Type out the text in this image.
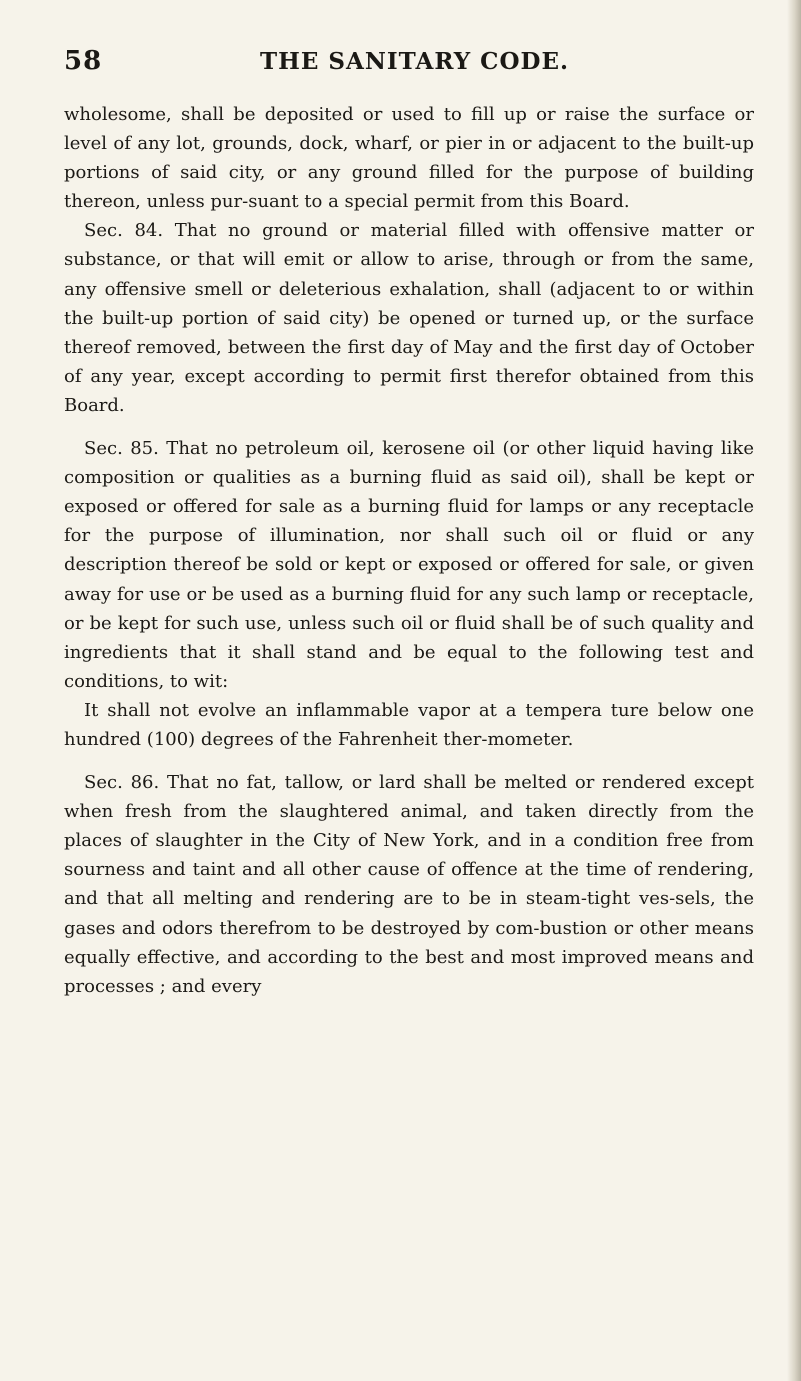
58	THE SANITARY CODE.

wholesome, shall be deposited or used to fill up or raise the surface or level of any lot, grounds, dock, wharf, or pier in or adjacent to the built-up portions of said city, or any ground filled for the purpose of building thereon, unless pur-suant to a special permit from this Board.

Sec. 84. That no ground or material filled with offensive matter or substance, or that will emit or allow to arise, through or from the same, any offensive smell or deleterious exhalation, shall (adjacent to or within the built-up portion of said city) be opened or turned up, or the surface thereof removed, between the first day of May and the first day of October of any year, except according to permit first therefor obtained from this Board.

Sec. 85. That no petroleum oil, kerosene oil (or other liquid having like composition or qualities as a burning fluid as said oil), shall be kept or exposed or offered for sale as a burning fluid for lamps or any receptacle for the purpose of illumination, nor shall such oil or fluid or any description thereof be sold or kept or exposed or offered for sale, or given away for use or be used as a burning fluid for any such lamp or receptacle, or be kept for such use, unless such oil or fluid shall be of such quality and ingredients that it shall stand and be equal to the following test and conditions, to wit:

It shall not evolve an inflammable vapor at a tempera ture below one hundred (100) degrees of the Fahrenheit ther-mometer.

Sec. 86. That no fat, tallow, or lard shall be melted or rendered except when fresh from the slaughtered animal, and taken directly from the places of slaughter in the City of New York, and in a condition free from sourness and taint and all other cause of offence at the time of rendering, and that all melting and rendering are to be in steam-tight ves-sels, the gases and odors therefrom to be destroyed by com-bustion or other means equally effective, and according to the best and most improved means and processes ; and every
